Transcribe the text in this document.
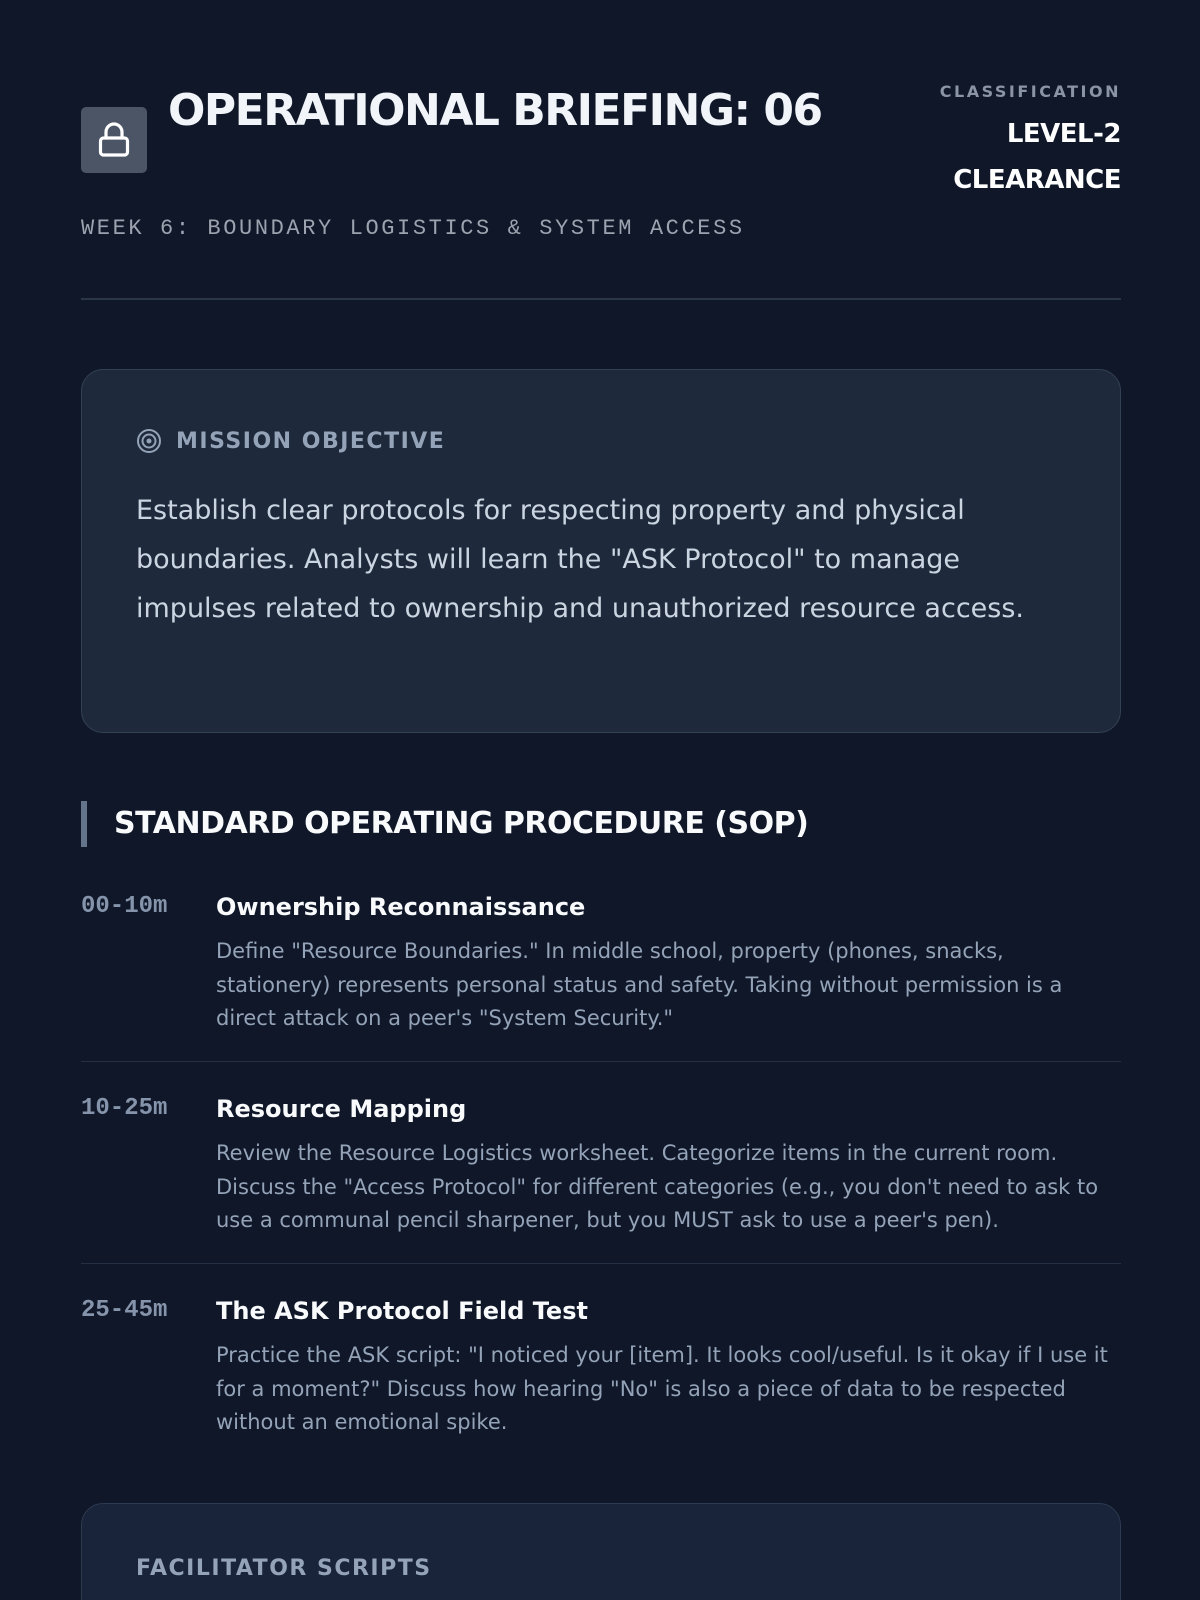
OPERATIONAL BRIEFING: 06
WEEK 6: BOUNDARY LOGISTICS & SYSTEM ACCESS
CLASSIFICATION
LEVEL-2 CLEARANCE
MISSION OBJECTIVE

Establish clear protocols for respecting property and physical boundaries. Analysts will learn the "ASK Protocol" to manage impulses related to ownership and unauthorized resource access.

STANDARD OPERATING PROCEDURE (SOP)
00-10m Ownership Reconnaissance

Define "Resource Boundaries." In middle school, property (phones, snacks, stationery) represents personal status and safety. Taking without permission is a direct attack on a peer's "System Security."

10-25m Resource Mapping

Review the Resource Logistics worksheet. Categorize items in the current room. Discuss the "Access Protocol" for different categories (e.g., you don't need to ask to use a communal pencil sharpener, but you MUST ask to use a peer's pen).

25-45m The ASK Protocol Field Test

Practice the ASK script: "I noticed your [item]. It looks cool/useful. Is it okay if I use it for a moment?" Discuss how hearing "No" is also a piece of data to be respected without an emotional spike.

FACILITATOR SCRIPTS
